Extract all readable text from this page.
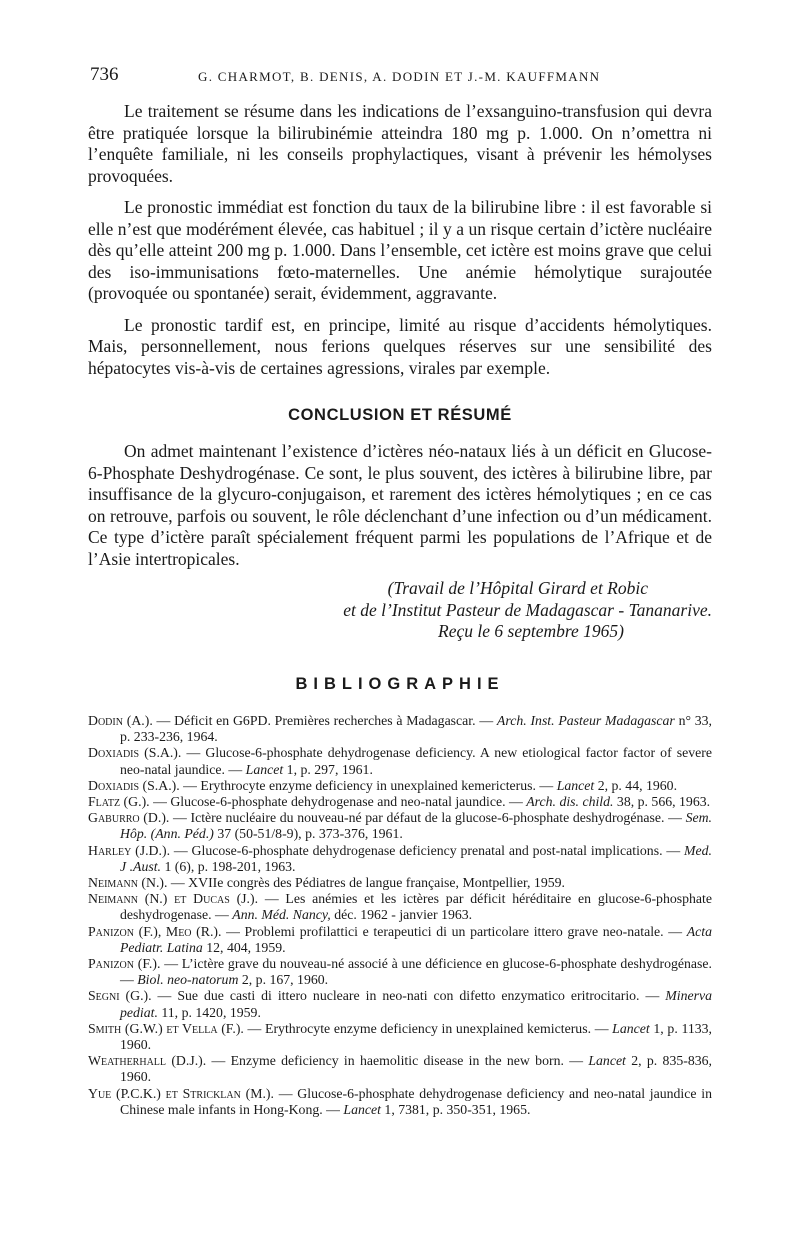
736	G. CHARMOT, B. DENIS, A. DODIN ET J.-M. KAUFFMANN

Le traitement se résume dans les indications de l’exsanguino-transfusion qui devra être pratiquée lorsque la bilirubinémie atteindra 180 mg p. 1.000. On n’omettra ni l’enquête familiale, ni les conseils prophylactiques, visant à prévenir les hémolyses provoquées.

Le pronostic immédiat est fonction du taux de la bilirubine libre : il est favorable si elle n’est que modérément élevée, cas habituel ; il y a un risque certain d’ictère nucléaire dès qu’elle atteint 200 mg p. 1.000. Dans l’ensemble, cet ictère est moins grave que celui des iso-immunisations fœto-maternelles. Une anémie hémolytique surajoutée (provoquée ou spontanée) serait, évidemment, aggravante.

Le pronostic tardif est, en principe, limité au risque d’accidents hémolytiques. Mais, personnellement, nous ferions quelques réserves sur une sensibilité des hépatocytes vis-à-vis de certaines agressions, virales par exemple.

CONCLUSION ET RÉSUMÉ

On admet maintenant l’existence d’ictères néo-nataux liés à un déficit en Glucose-6-Phosphate Deshydrogénase. Ce sont, le plus souvent, des ictères à bilirubine libre, par insuffisance de la glycuro-conjugaison, et rarement des ictères hémolytiques ; en ce cas on retrouve, parfois ou souvent, le rôle déclenchant d’une infection ou d’un médicament. Ce type d’ictère paraît spécialement fréquent parmi les populations de l’Afrique et de l’Asie intertropicales.

(Travail de l’Hôpital Girard et Robic
et de l’Institut Pasteur de Madagascar - Tananarive.
Reçu le 6 septembre 1965)
BIBLIOGRAPHIE

Dodin (A.). — Déficit en G6PD. Premières recherches à Madagascar. — Arch. Inst. Pasteur Madagascar n° 33, p. 233-236, 1964.

Doxiadis (S.A.). — Glucose-6-phosphate dehydrogenase deficiency. A new etiological factor factor of severe neo-natal jaundice. — Lancet 1, p. 297, 1961.

Doxiadis (S.A.). — Erythrocyte enzyme deficiency in unexplained kemericterus. — Lancet 2, p. 44, 1960.

Flatz (G.). — Glucose-6-phosphate dehydrogenase and neo-natal jaundice. — Arch. dis. child. 38, p. 566, 1963.

Gaburro (D.). — Ictère nucléaire du nouveau-né par défaut de la glucose-6-phosphate deshydrogénase. — Sem. Hôp. (Ann. Péd.) 37 (50-51/8-9), p. 373-376, 1961.

Harley (J.D.). — Glucose-6-phosphate dehydrogenase deficiency prenatal and post-natal implications. — Med. J .Aust. 1 (6), p. 198-201, 1963.

Neimann (N.). — XVIIe congrès des Pédiatres de langue française, Montpellier, 1959.

Neimann (N.) et Ducas (J.). — Les anémies et les ictères par déficit héréditaire en glucose-6-phosphate deshydrogenase. — Ann. Méd. Nancy, déc. 1962 - janvier 1963.

Panizon (F.), Meo (R.). — Problemi profilattici e terapeutici di un particolare ittero grave neo-natale. — Acta Pediatr. Latina 12, 404, 1959.

Panizon (F.). — L’ictère grave du nouveau-né associé à une déficience en glucose-6-phosphate deshydrogénase. — Biol. neo-natorum 2, p. 167, 1960.

Segni (G.). — Sue due casti di ittero nucleare in neo-nati con difetto enzymatico eritrocitario. — Minerva pediat. 11, p. 1420, 1959.

Smith (G.W.) et Vella (F.). — Erythrocyte enzyme deficiency in unexplained kemicterus. — Lancet 1, p. 1133, 1960.

Weatherhall (D.J.). — Enzyme deficiency in haemolitic disease in the new born. — Lancet 2, p. 835-836, 1960.

Yue (P.C.K.) et Stricklan (M.). — Glucose-6-phosphate dehydrogenase deficiency and neo-natal jaundice in Chinese male infants in Hong-Kong. — Lancet 1, 7381, p. 350-351, 1965.
